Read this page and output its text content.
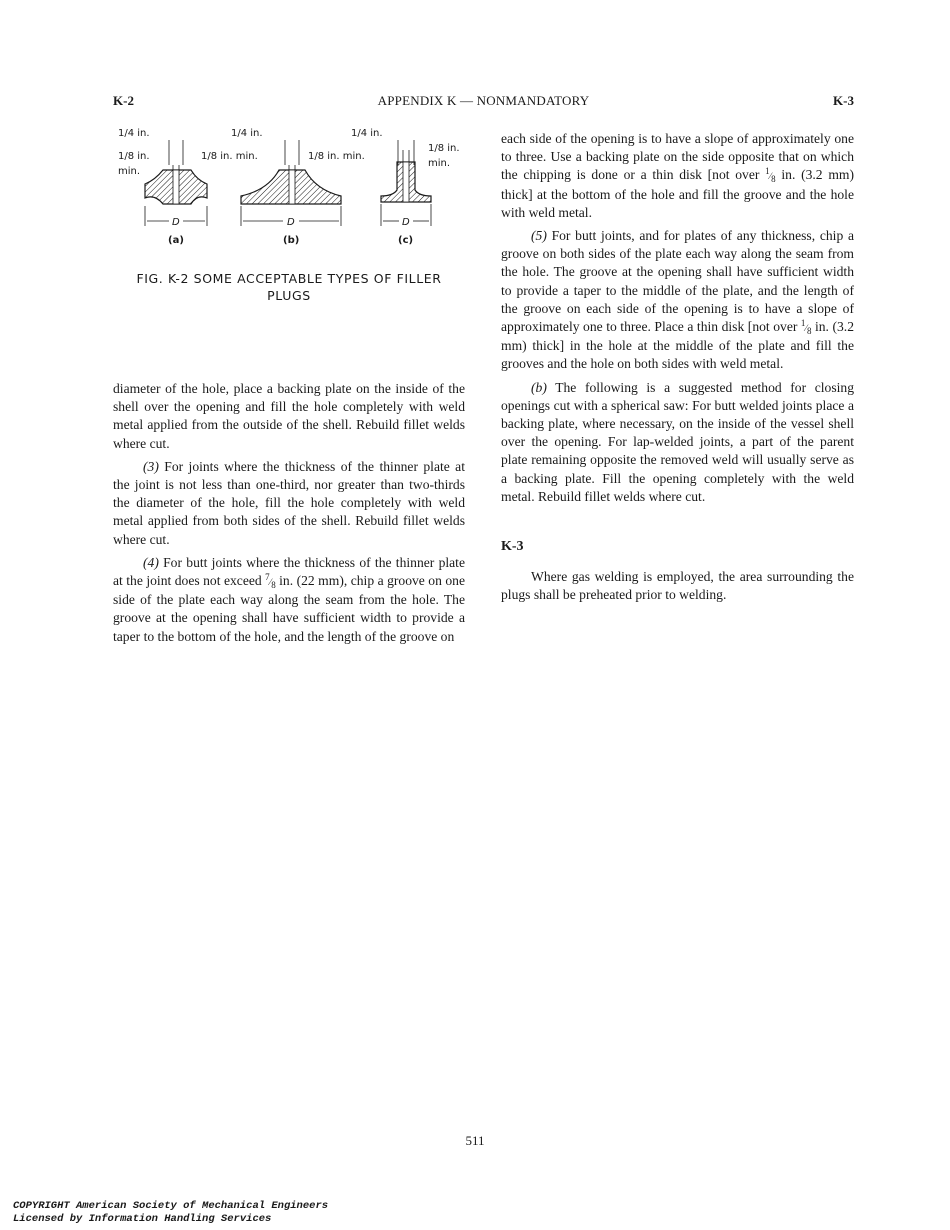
K-2	APPENDIX K — NONMANDATORY	K-3
1/4 in.
1/8 in.
min.
1/8 in. min.
D
(a)
1/4 in.
1/8 in. min.
D
(b)
1/4 in.
1/8 in.
min.
D
(c)
FIG. K-2 SOME ACCEPTABLE TYPES OF FILLER
PLUGS

diameter of the hole, place a backing plate on the inside of the shell over the opening and fill the hole completely with weld metal applied from the outside of the shell. Rebuild fillet welds where cut.

(3) For joints where the thickness of the thinner plate at the joint is not less than one-third, nor greater than two-thirds the diameter of the hole, fill the hole completely with weld metal applied from both sides of the shell. Rebuild fillet welds where cut.

(4) For butt joints where the thickness of the thinner plate at the joint does not exceed 7⁄8 in. (22 mm), chip a groove on one side of the plate each way along the seam from the hole. The groove at the opening shall have sufficient width to provide a taper to the bottom of the hole, and the length of the groove on

each side of the opening is to have a slope of approximately one to three. Use a backing plate on the side opposite that on which the chipping is done or a thin disk [not over 1⁄8 in. (3.2 mm) thick] at the bottom of the hole and fill the groove and the hole with weld metal.

(5) For butt joints, and for plates of any thickness, chip a groove on both sides of the plate each way along the seam from the hole. The groove at the opening shall have sufficient width to provide a taper to the middle of the plate, and the length of the groove on each side of the opening is to have a slope of approximately one to three. Place a thin disk [not over 1⁄8 in. (3.2 mm) thick] in the hole at the middle of the plate and fill the grooves and the hole on both sides with weld metal.

(b) The following is a suggested method for closing openings cut with a spherical saw: For butt welded joints place a backing plate, where necessary, on the inside of the vessel shell over the opening. For lap-welded joints, a part of the parent plate remaining opposite the removed weld will usually serve as a backing plate. Fill the opening completely with the weld metal. Rebuild fillet welds where cut.

K-3

Where gas welding is employed, the area surrounding the plugs shall be preheated prior to welding.

511
COPYRIGHT American Society of Mechanical Engineers
Licensed by Information Handling Services
